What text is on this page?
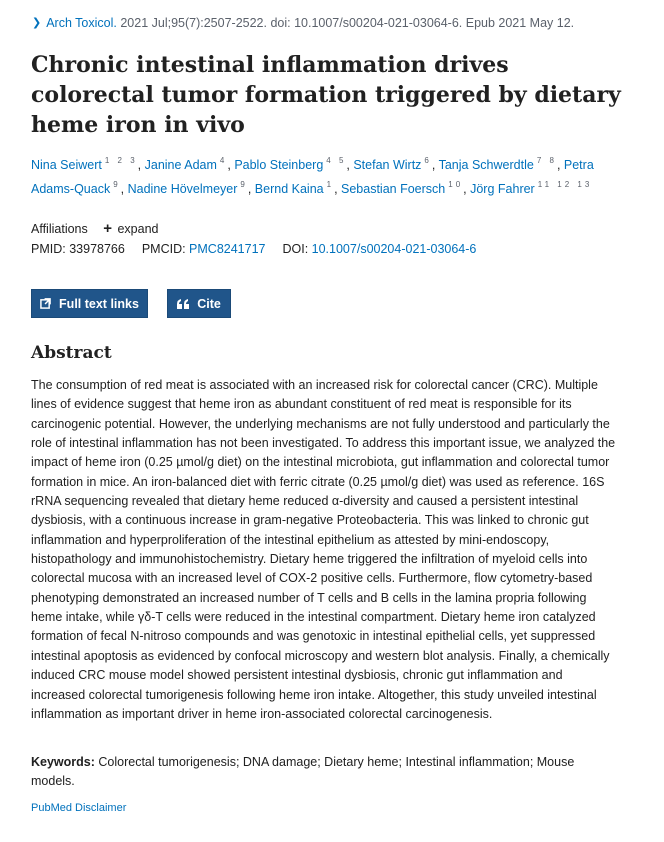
❯ Arch Toxicol. 2021 Jul;95(7):2507-2522. doi: 10.1007/s00204-021-03064-6. Epub 2021 May 12.
Chronic intestinal inflammation drives colorectal tumor formation triggered by dietary heme iron in vivo
Nina Seiwert $^{1 2 3}$, Janine Adam $^4$, Pablo Steinberg $^{4 5}$, Stefan Wirtz $^6$, Tanja Schwerdtle $^{7 8}$, Petra Adams-Quack $^9$, Nadine Hövelmeyer $^9$, Bernd Kaina $^1$, Sebastian Foersch $^{10}$, Jörg Fahrer $^{11 12 13}$
Affiliations + expand
PMID: 33978766 PMCID: PMC8241717 DOI: 10.1007/s00204-021-03064-6
Full text links	Cite
Abstract
The consumption of red meat is associated with an increased risk for colorectal cancer (CRC). Multiple lines of evidence suggest that heme iron as abundant constituent of red meat is responsible for its carcinogenic potential. However, the underlying mechanisms are not fully understood and particularly the role of intestinal inflammation has not been investigated. To address this important issue, we analyzed the impact of heme iron (0.25 µmol/g diet) on the intestinal microbiota, gut inflammation and colorectal tumor formation in mice. An iron-balanced diet with ferric citrate (0.25 µmol/g diet) was used as reference. 16S rRNA sequencing revealed that dietary heme reduced α-diversity and caused a persistent intestinal dysbiosis, with a continuous increase in gram-negative Proteobacteria. This was linked to chronic gut inflammation and hyperproliferation of the intestinal epithelium as attested by mini-endoscopy, histopathology and immunohistochemistry. Dietary heme triggered the infiltration of myeloid cells into colorectal mucosa with an increased level of COX-2 positive cells. Furthermore, flow cytometry-based phenotyping demonstrated an increased number of T cells and B cells in the lamina propria following heme intake, while γδ-T cells were reduced in the intestinal compartment. Dietary heme iron catalyzed formation of fecal N-nitroso compounds and was genotoxic in intestinal epithelial cells, yet suppressed intestinal apoptosis as evidenced by confocal microscopy and western blot analysis. Finally, a chemically induced CRC mouse model showed persistent intestinal dysbiosis, chronic gut inflammation and increased colorectal tumorigenesis following heme iron intake. Altogether, this study unveiled intestinal inflammation as important driver in heme iron-associated colorectal carcinogenesis.
Keywords: Colorectal tumorigenesis; DNA damage; Dietary heme; Intestinal inflammation; Mouse models.
PubMed Disclaimer
